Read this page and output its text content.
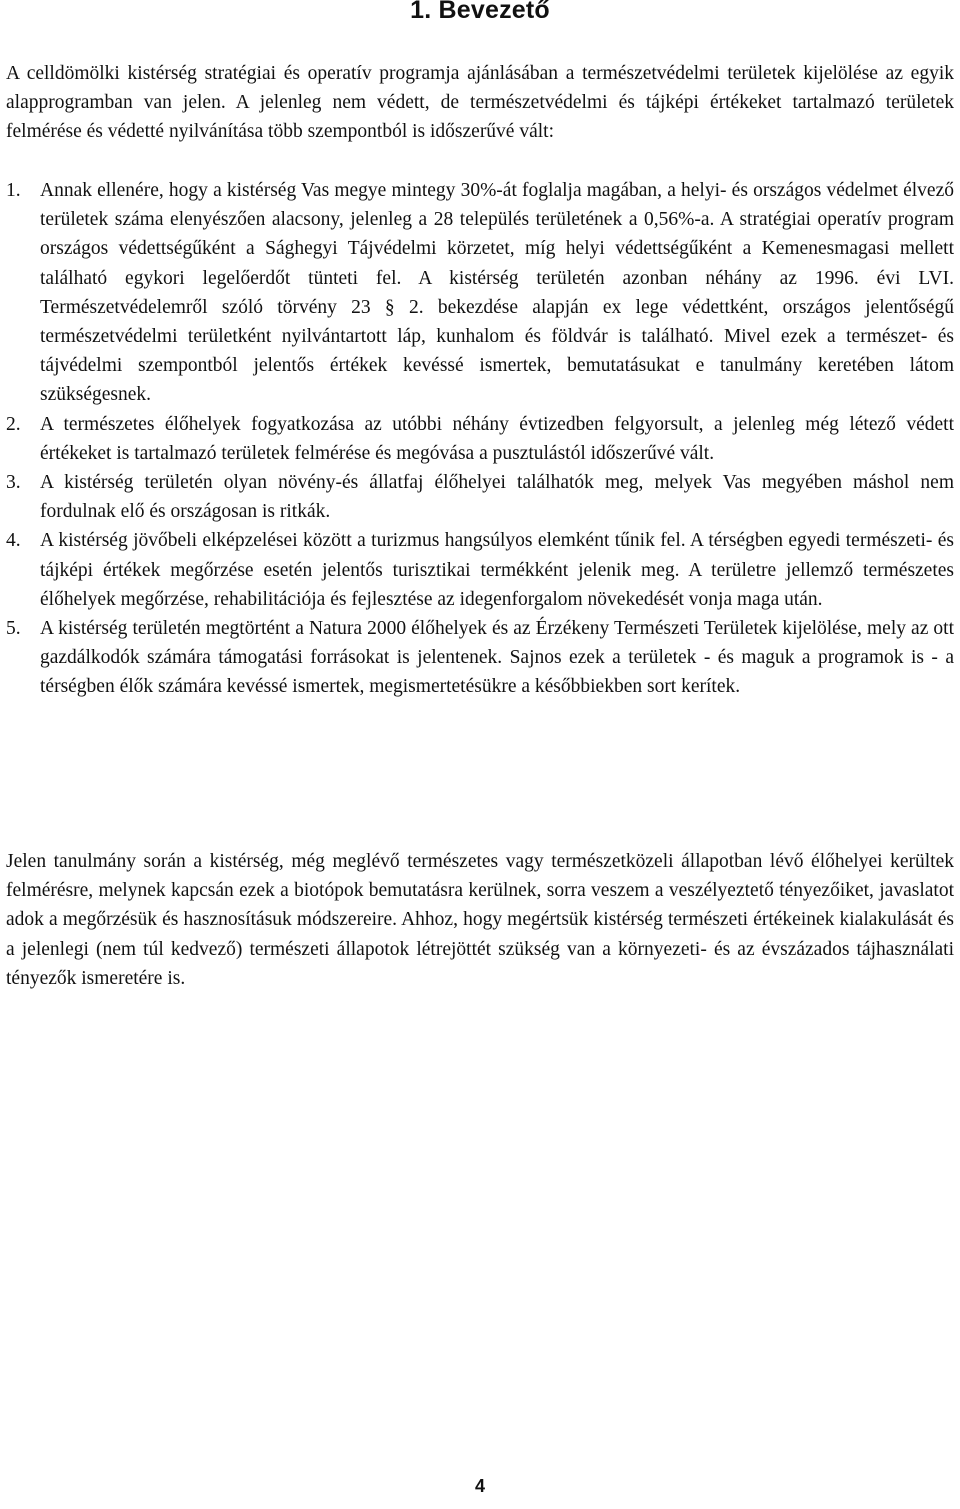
1. Bevezető

A celldömölki kistérség stratégiai és operatív programja ajánlásában a természetvédelmi területek kijelölése az egyik alapprogramban van jelen. A jelenleg nem védett, de természetvédelmi és tájképi értékeket tartalmazó területek felmérése és védetté nyilvánítása több szempontból is időszerűvé vált:

1. Annak ellenére, hogy a kistérség Vas megye mintegy 30%-át foglalja magában, a helyi- és országos védelmet élvező területek száma elenyészően alacsony, jelenleg a 28 település területének a 0,56%-a. A stratégiai operatív program országos védettségűként a Sághegyi Tájvédelmi körzetet, míg helyi védettségűként a Kemenesmagasi mellett található egykori legelőerdőt tünteti fel. A kistérség területén azonban néhány az 1996. évi LVI. Természetvédelemről szóló törvény 23 § 2. bekezdése alapján ex lege védettként, országos jelentőségű természetvédelmi területként nyilvántartott láp, kunhalom és földvár is található. Mivel ezek a természet- és tájvédelmi szempontból jelentős értékek kevéssé ismertek, bemutatásukat e tanulmány keretében látom szükségesnek.
2. A természetes élőhelyek fogyatkozása az utóbbi néhány évtizedben felgyorsult, a jelenleg még létező védett értékeket is tartalmazó területek felmérése és megóvása a pusztulástól időszerűvé vált.
3. A kistérség területén olyan növény-és állatfaj élőhelyei találhatók meg, melyek Vas megyében máshol nem fordulnak elő és országosan is ritkák.
4. A kistérség jövőbeli elképzelései között a turizmus hangsúlyos elemként tűnik fel. A térségben egyedi természeti- és tájképi értékek megőrzése esetén jelentős turisztikai termékként jelenik meg. A területre jellemző természetes élőhelyek megőrzése, rehabilitációja és fejlesztése az idegenforgalom növekedését vonja maga után.
5. A kistérség területén megtörtént a Natura 2000 élőhelyek és az Érzékeny Természeti Területek kijelölése, mely az ott gazdálkodók számára támogatási forrásokat is jelentenek. Sajnos ezek a területek - és maguk a programok is - a térségben élők számára kevéssé ismertek, megismertetésükre a későbbiekben sort kerítek.

Jelen tanulmány során a kistérség, még meglévő természetes vagy természetközeli állapotban lévő élőhelyei kerültek felmérésre, melynek kapcsán ezek a biotópok bemutatásra kerülnek, sorra veszem a veszélyeztető tényezőiket, javaslatot adok a megőrzésük és hasznosításuk módszereire. Ahhoz, hogy megértsük kistérség természeti értékeinek kialakulását és a jelenlegi (nem túl kedvező) természeti állapotok létrejöttét szükség van a környezeti- és az évszázados tájhasználati tényezők ismeretére is.

4
